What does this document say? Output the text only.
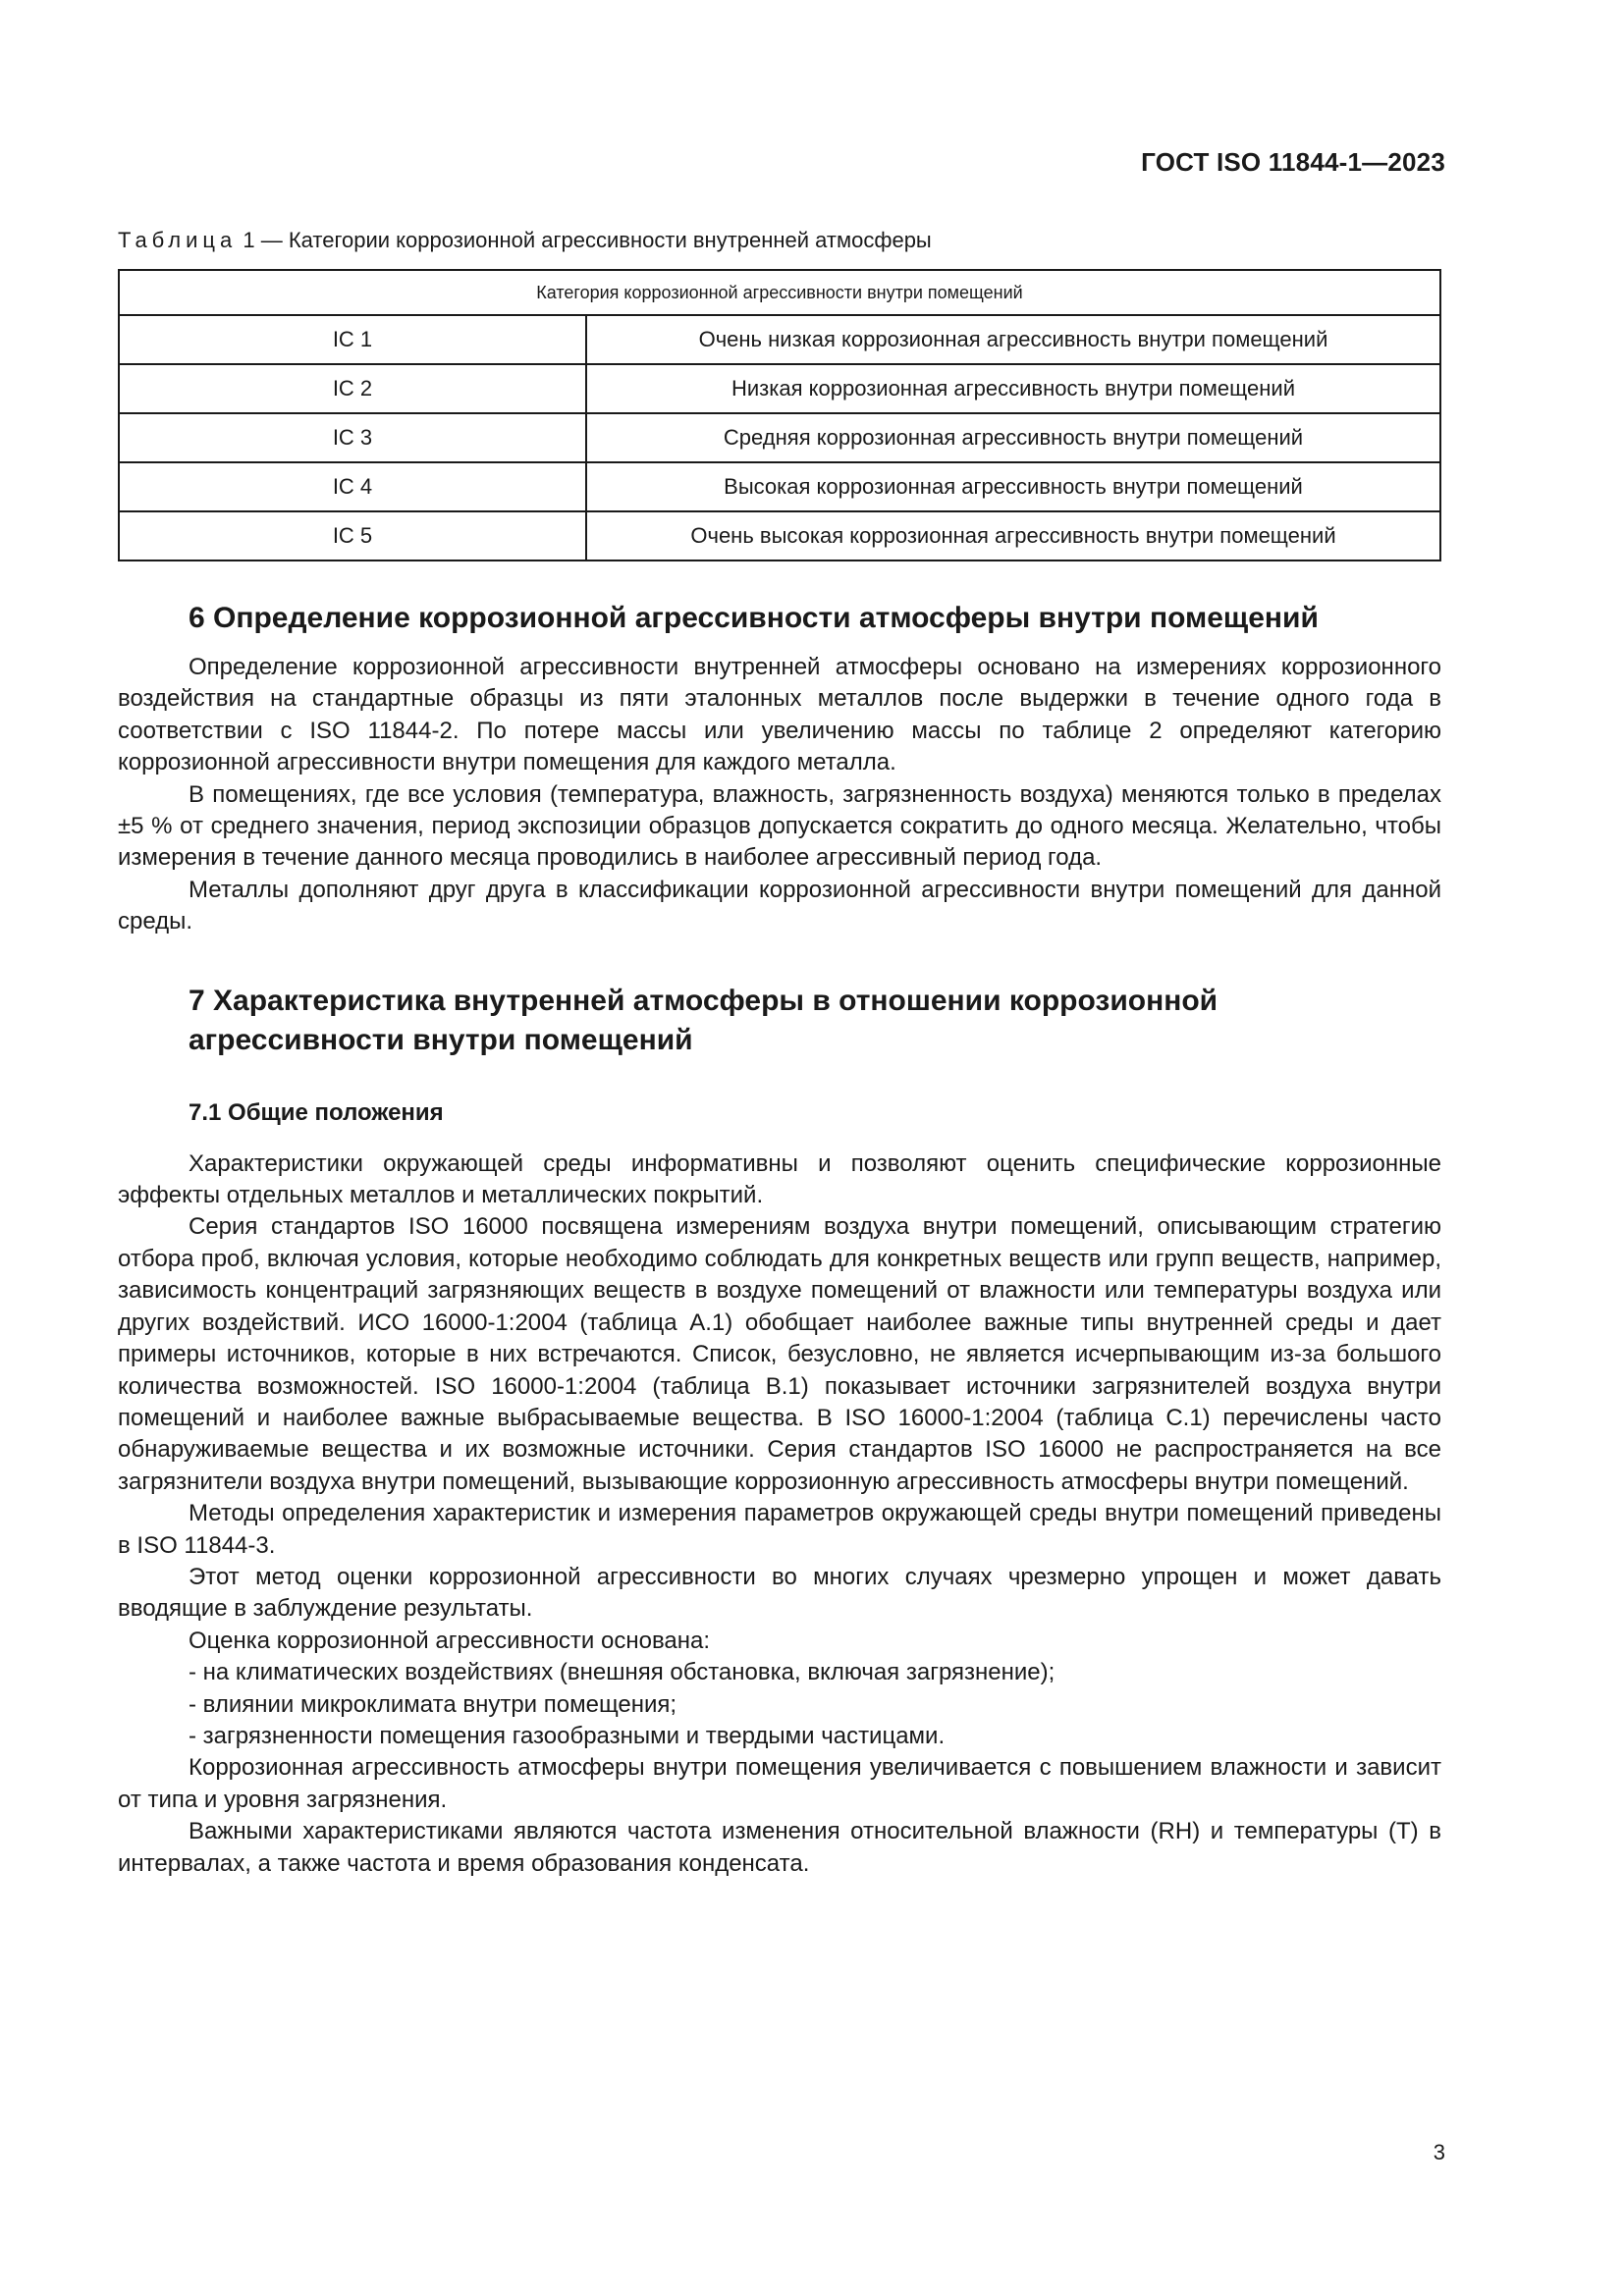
ГОСТ ISO 11844-1—2023
Таблица 1 — Категории коррозионной агрессивности внутренней атмосферы
Категория коррозионной агрессивности внутри помещений	
IC 1	Очень низкая коррозионная агрессивность внутри помещений
IC 2	Низкая коррозионная агрессивность внутри помещений
IC 3	Средняя коррозионная агрессивность внутри помещений
IC 4	Высокая коррозионная агрессивность внутри помещений
IC 5	Очень высокая коррозионная агрессивность внутри помещений
6 Определение коррозионной агрессивности атмосферы внутри помещений

Определение коррозионной агрессивности внутренней атмосферы основано на измерениях коррозионного воздействия на стандартные образцы из пяти эталонных металлов после выдержки в течение одного года в соответствии с ISO 11844-2. По потере массы или увеличению массы по таблице 2 определяют категорию коррозионной агрессивности внутри помещения для каждого металла.

В помещениях, где все условия (температура, влажность, загрязненность воздуха) меняются только в пределах ±5 % от среднего значения, период экспозиции образцов допускается сократить до одного месяца. Желательно, чтобы измерения в течение данного месяца проводились в наиболее агрессивный период года.

Металлы дополняют друг друга в классификации коррозионной агрессивности внутри помещений для данной среды.

7 Характеристика внутренней атмосферы в отношении коррозионной агрессивности внутри помещений
7.1 Общие положения

Характеристики окружающей среды информативны и позволяют оценить специфические коррозионные эффекты отдельных металлов и металлических покрытий.

Серия стандартов ISO 16000 посвящена измерениям воздуха внутри помещений, описывающим стратегию отбора проб, включая условия, которые необходимо соблюдать для конкретных веществ или групп веществ, например, зависимость концентраций загрязняющих веществ в воздухе помещений от влажности или температуры воздуха или других воздействий. ИСО 16000-1:2004 (таблица А.1) обобщает наиболее важные типы внутренней среды и дает примеры источников, которые в них встречаются. Список, безусловно, не является исчерпывающим из-за большого количества возможностей. ISO 16000-1:2004 (таблица В.1) показывает источники загрязнителей воздуха внутри помещений и наиболее важные выбрасываемые вещества. В ISO 16000-1:2004 (таблица С.1) перечислены часто обнаруживаемые вещества и их возможные источники. Серия стандартов ISO 16000 не распространяется на все загрязнители воздуха внутри помещений, вызывающие коррозионную агрессивность атмосферы внутри помещений.

Методы определения характеристик и измерения параметров окружающей среды внутри помещений приведены в ISO 11844-3.

Этот метод оценки коррозионной агрессивности во многих случаях чрезмерно упрощен и может давать вводящие в заблуждение результаты.

Оценка коррозионной агрессивности основана:

- на климатических воздействиях (внешняя обстановка, включая загрязнение);

- влиянии микроклимата внутри помещения;

- загрязненности помещения газообразными и твердыми частицами.

Коррозионная агрессивность атмосферы внутри помещения увеличивается с повышением влажности и зависит от типа и уровня загрязнения.

Важными характеристиками являются частота изменения относительной влажности (RH) и температуры (T) в интервалах, а также частота и время образования конденсата.

3
